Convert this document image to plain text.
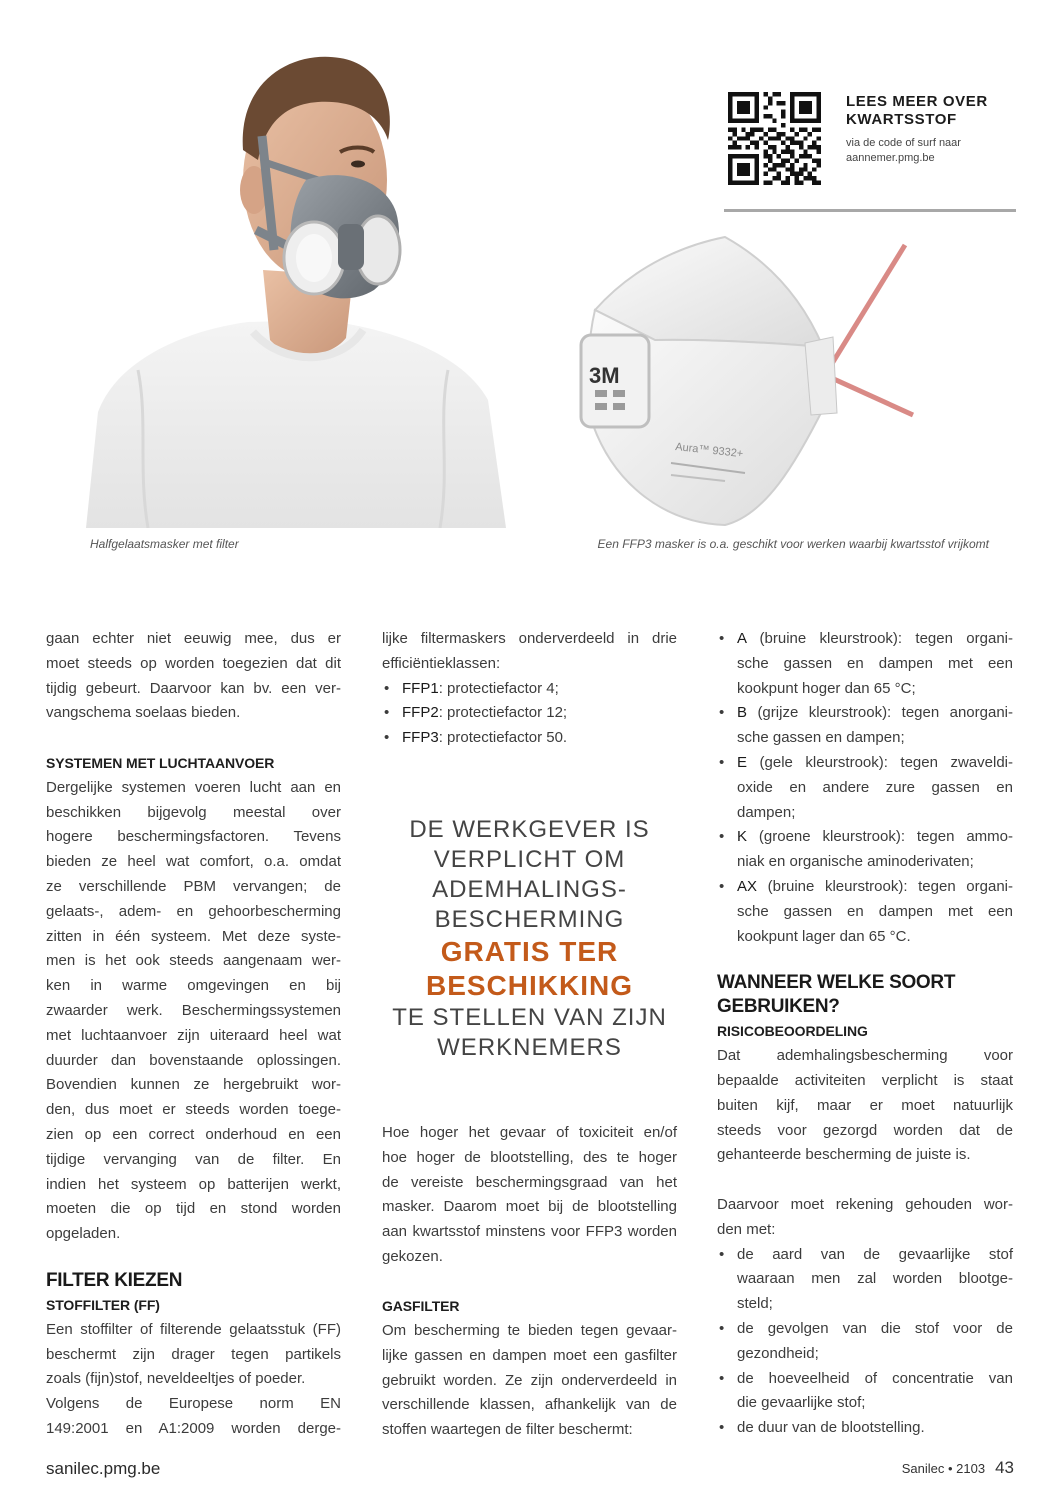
Halfgelaatsmasker met filter
LEES MEER OVER
KWARTSSTOF
via de code of surf naar
aannemer.pmg.be
3M
Aura™ 9332+
Een FFP3 masker is o.a. geschikt voor werken waarbij kwartsstof vrijkomt
gaan echter niet eeuwig mee, dus er
moet steeds op worden toegezien dat dit
tijdig gebeurt. Daarvoor kan bv. een ver-
vangschema soelaas bieden.
SYSTEMEN MET LUCHTAANVOER
Dergelijke systemen voeren lucht aan en
beschikken bijgevolg meestal over
hogere beschermingsfactoren. Tevens
bieden ze heel wat comfort, o.a. omdat
ze verschillende PBM vervangen; de
gelaats-, adem- en gehoorbescherming
zitten in één systeem. Met deze syste-
men is het ook steeds aangenaam wer-
ken in warme omgevingen en bij
zwaarder werk. Beschermingssystemen
met luchtaanvoer zijn uiteraard heel wat
duurder dan bovenstaande oplossingen.
Bovendien kunnen ze hergebruikt wor-
den, dus moet er steeds worden toege-
zien op een correct onderhoud en een
tijdige vervanging van de filter. En
indien het systeem op batterijen werkt,
moeten die op tijd en stond worden
opgeladen.
FILTER KIEZEN
STOFFILTER (FF)
Een stoffilter of filterende gelaatsstuk (FF)
beschermt zijn drager tegen partikels
zoals (fijn)stof, neveldeeltjes of poeder.
Volgens de Europese norm EN
149:2001 en A1:2009 worden derge-
lijke filtermaskers onderverdeeld in drie
efficiëntieklassen:
• FFP1: protectiefactor 4;
• FFP2: protectiefactor 12;
• FFP3: protectiefactor 50.
Hoe hoger het gevaar of toxiciteit en/of
hoe hoger de blootstelling, des te hoger
de vereiste beschermingsgraad van het
masker. Daarom moet bij de blootstelling
aan kwartsstof minstens voor FFP3 worden
gekozen.
GASFILTER
Om bescherming te bieden tegen gevaar-
lijke gassen en dampen moet een gasfilter
gebruikt worden. Ze zijn onderverdeeld in
verschillende klassen, afhankelijk van de
stoffen waartegen de filter beschermt:
DE WERKGEVER IS
VERPLICHT OM
ADEMHALINGS-
BESCHERMING
GRATIS TER
BESCHIKKING
TE STELLEN VAN ZIJN
WERKNEMERS
• A (bruine kleurstrook): tegen organi-
sche gassen en dampen met een
kookpunt hoger dan 65 °C;
• B (grijze kleurstrook): tegen anorgani-
sche gassen en dampen;
• E (gele kleurstrook): tegen zwaveldi-
oxide en andere zure gassen en
dampen;
• K (groene kleurstrook): tegen ammo-
niak en organische aminoderivaten;
• AX (bruine kleurstrook): tegen organi-
sche gassen en dampen met een
kookpunt lager dan 65 °C.
WANNEER WELKE SOORT
GEBRUIKEN?
RISICOBEOORDELING
Dat ademhalingsbescherming voor
bepaalde activiteiten verplicht is staat
buiten kijf, maar er moet natuurlijk
steeds voor gezorgd worden dat de
gehanteerde bescherming de juiste is.
Daarvoor moet rekening gehouden wor-
den met:
• de aard van de gevaarlijke stof
waaraan men zal worden blootge-
steld;
• de gevolgen van die stof voor de
gezondheid;
• de hoeveelheid of concentratie van
die gevaarlijke stof;
• de duur van de blootstelling.
sanilec.pmg.be	Sanilec • 2103 43
